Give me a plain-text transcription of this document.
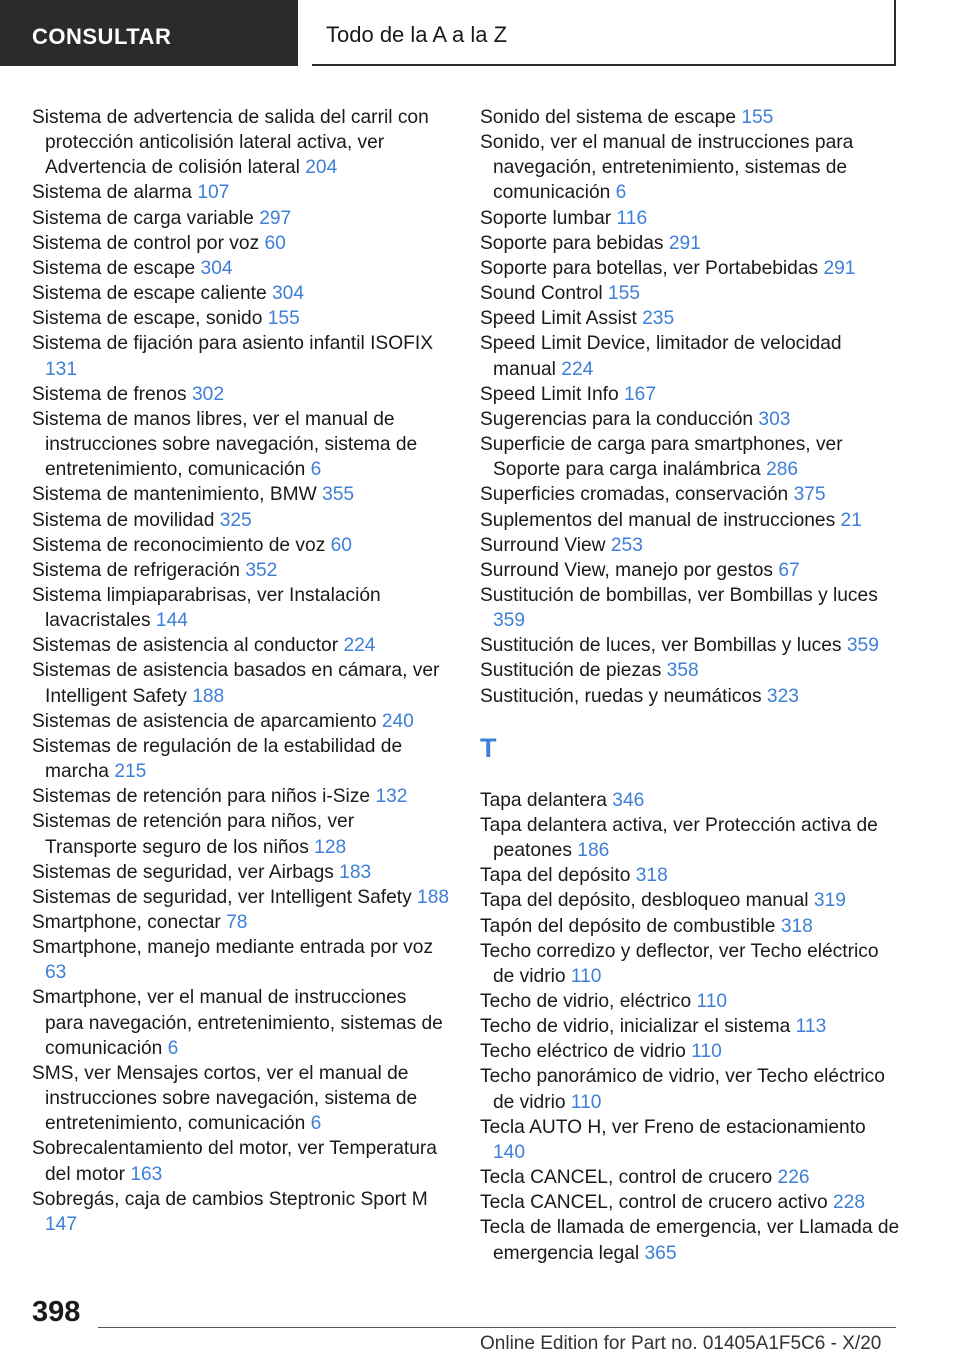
CONSULTAR	Todo de la A a la Z
Sistema de advertencia de salida del carril con protección anticolisión lateral activa, ver Advertencia de colisión lateral 204
Sistema de alarma 107
Sistema de carga variable 297
Sistema de control por voz 60
Sistema de escape 304
Sistema de escape caliente 304
Sistema de escape, sonido 155
Sistema de fijación para asiento infantil ISOFIX 131
Sistema de frenos 302
Sistema de manos libres, ver el manual de instrucciones sobre navegación, sistema de entretenimiento, comunicación 6
Sistema de mantenimiento, BMW 355
Sistema de movilidad 325
Sistema de reconocimiento de voz 60
Sistema de refrigeración 352
Sistema limpiaparabrisas, ver Instalación lavacristales 144
Sistemas de asistencia al conductor 224
Sistemas de asistencia basados en cámara, ver Intelligent Safety 188
Sistemas de asistencia de aparcamiento 240
Sistemas de regulación de la estabilidad de marcha 215
Sistemas de retención para niños i-Size 132
Sistemas de retención para niños, ver Transporte seguro de los niños 128
Sistemas de seguridad, ver Airbags 183
Sistemas de seguridad, ver Intelligent Safety 188
Smartphone, conectar 78
Smartphone, manejo mediante entrada por voz 63
Smartphone, ver el manual de instrucciones para navegación, entretenimiento, sistemas de comunicación 6
SMS, ver Mensajes cortos, ver el manual de instrucciones sobre navegación, sistema de entretenimiento, comunicación 6
Sobrecalentamiento del motor, ver Temperatura del motor 163
Sobregás, caja de cambios Steptronic Sport M 147
Sonido del sistema de escape 155
Sonido, ver el manual de instrucciones para navegación, entretenimiento, sistemas de comunicación 6
Soporte lumbar 116
Soporte para bebidas 291
Soporte para botellas, ver Portabebidas 291
Sound Control 155
Speed Limit Assist 235
Speed Limit Device, limitador de velocidad manual 224
Speed Limit Info 167
Sugerencias para la conducción 303
Superficie de carga para smartphones, ver Soporte para carga inalámbrica 286
Superficies cromadas, conservación 375
Suplementos del manual de instrucciones 21
Surround View 253
Surround View, manejo por gestos 67
Sustitución de bombillas, ver Bombillas y luces 359
Sustitución de luces, ver Bombillas y luces 359
Sustitución de piezas 358
Sustitución, ruedas y neumáticos 323
T
Tapa delantera 346
Tapa delantera activa, ver Protección activa de peatones 186
Tapa del depósito 318
Tapa del depósito, desbloqueo manual 319
Tapón del depósito de combustible 318
Techo corredizo y deflector, ver Techo eléctrico de vidrio 110
Techo de vidrio, eléctrico 110
Techo de vidrio, inicializar el sistema 113
Techo eléctrico de vidrio 110
Techo panorámico de vidrio, ver Techo eléctrico de vidrio 110
Tecla AUTO H, ver Freno de estacionamiento 140
Tecla CANCEL, control de crucero 226
Tecla CANCEL, control de crucero activo 228
Tecla de llamada de emergencia, ver Llamada de emergencia legal 365
398
Online Edition for Part no. 01405A1F5C6 - X/20
